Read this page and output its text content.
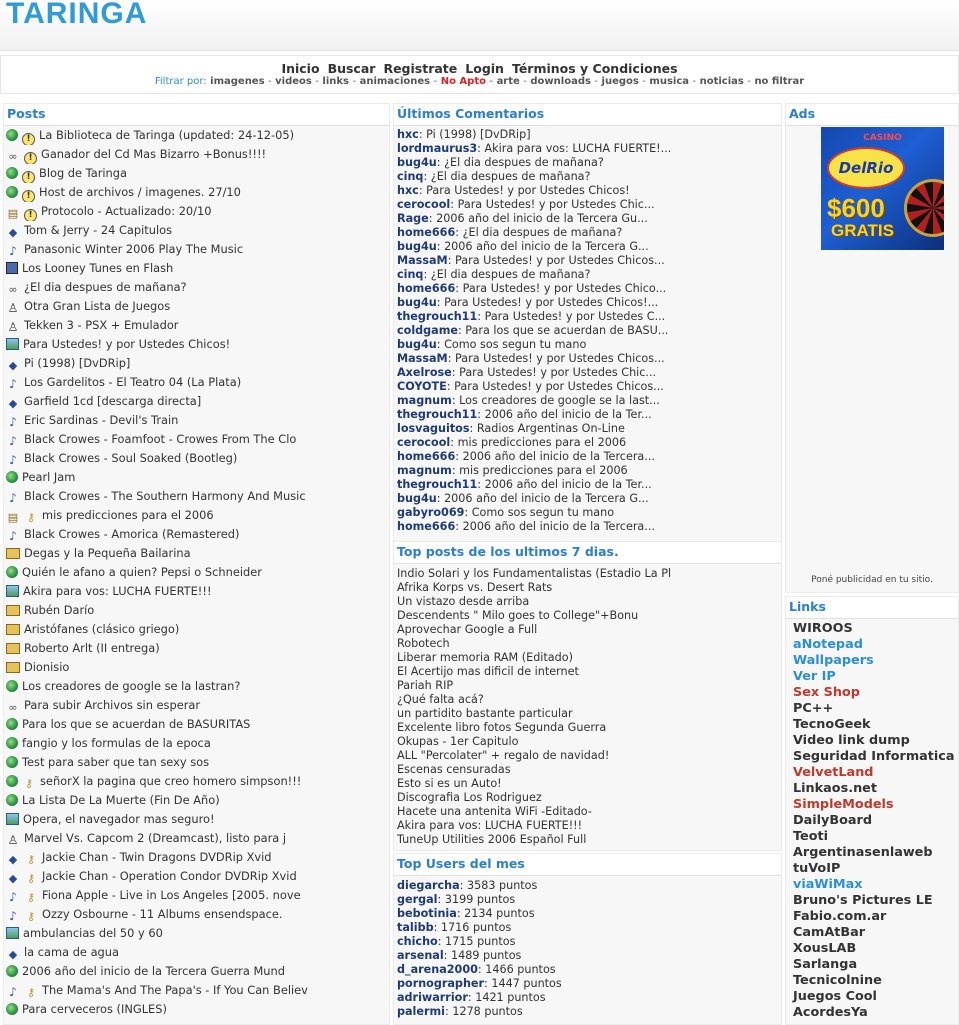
TARINGA
Inicio Buscar Registrate Login Términos y Condiciones
Filtrar por: imagenes - videos - links - animaciones - No Apto - arte - downloads - juegos - musica - noticias - no filtrar
Posts
! La Biblioteca de Taringa (updated: 24-12-05)
∞ ! Ganador del Cd Mas Bizarro +Bonus!!!!
! Blog de Taringa
! Host de archivos / imagenes. 27/10
▤ ! Protocolo - Actualizado: 20/10
◆ Tom & Jerry - 24 Capitulos
♪ Panasonic Winter 2006 Play The Music
Los Looney Tunes en Flash
∞ ¿El dia despues de mañana?
♙ Otra Gran Lista de Juegos
♙ Tekken 3 - PSX + Emulador
Para Ustedes! y por Ustedes Chicos!
◆ Pi (1998) [DvDRip]
♪ Los Gardelitos - El Teatro 04 (La Plata)
◆ Garfield 1cd [descarga directa]
♪ Eric Sardinas - Devil's Train
♪ Black Crowes - Foamfoot - Crowes From The Clo
♪ Black Crowes - Soul Soaked (Bootleg)
Pearl Jam
♪ Black Crowes - The Southern Harmony And Music
▤ ⚷ mis predicciones para el 2006
♪ Black Crowes - Amorica (Remastered)
Degas y la Pequeña Bailarina
Quién le afano a quien? Pepsi o Schneider
Akira para vos: LUCHA FUERTE!!!
Rubén Darío
Aristófanes (clásico griego)
Roberto Arlt (II entrega)
Dionisio
Los creadores de google se la lastran?
∞ Para subir Archivos sin esperar
Para los que se acuerdan de BASURITAS
fangio y los formulas de la epoca
Test para saber que tan sexy sos
⚷ señorX la pagina que creo homero simpson!!!
La Lista De La Muerte (Fin De Año)
Opera, el navegador mas seguro!
♙ Marvel Vs. Capcom 2 (Dreamcast), listo para j
◆ ⚷ Jackie Chan - Twin Dragons DVDRip Xvid
◆ ⚷ Jackie Chan - Operation Condor DVDRip Xvid
♪ ⚷ Fiona Apple - Live in Los Angeles [2005. nove
♪ ⚷ Ozzy Osbourne - 11 Albums ensendspace.
ambulancias del 50 y 60
◆ la cama de agua
2006 año del inicio de la Tercera Guerra Mund
♪ ⚷ The Mama's And The Papa's - If You Can Believ
Para cerveceros (INGLES)
Últimos Comentarios
hxc: Pi (1998) [DvDRip]
lordmaurus3: Akira para vos: LUCHA FUERTE!...
bug4u: ¿El dia despues de mañana?
cinq: ¿El dia despues de mañana?
hxc: Para Ustedes! y por Ustedes Chicos!
cerocool: Para Ustedes! y por Ustedes Chic...
Rage: 2006 año del inicio de la Tercera Gu...
home666: ¿El dia despues de mañana?
bug4u: 2006 año del inicio de la Tercera G...
MassaM: Para Ustedes! y por Ustedes Chicos...
cinq: ¿El dia despues de mañana?
home666: Para Ustedes! y por Ustedes Chico...
bug4u: Para Ustedes! y por Ustedes Chicos!...
thegrouch11: Para Ustedes! y por Ustedes C...
coldgame: Para los que se acuerdan de BASU...
bug4u: Como sos segun tu mano
MassaM: Para Ustedes! y por Ustedes Chicos...
Axelrose: Para Ustedes! y por Ustedes Chic...
COYOTE: Para Ustedes! y por Ustedes Chicos...
magnum: Los creadores de google se la last...
thegrouch11: 2006 año del inicio de la Ter...
losvaguitos: Radios Argentinas On-Line
cerocool: mis predicciones para el 2006
home666: 2006 año del inicio de la Tercera...
magnum: mis predicciones para el 2006
thegrouch11: 2006 año del inicio de la Ter...
bug4u: 2006 año del inicio de la Tercera G...
gabyro069: Como sos segun tu mano
home666: 2006 año del inicio de la Tercera...
Top posts de los ultimos 7 dias.
Indio Solari y los Fundamentalistas (Estadio La Pl
Afrika Korps vs. Desert Rats
Un vistazo desde arriba
Descendents " Milo goes to College"+Bonu
Aprovechar Google a Full
Robotech
Liberar memoria RAM (Editado)
El Acertijo mas dificil de internet
Pariah RIP
¿Qué falta acá?
un partidito bastante particular
Excelente libro fotos Segunda Guerra
Okupas - 1er Capitulo
ALL "Percolater" + regalo de navidad!
Escenas censuradas
Esto si es un Auto!
Discografia Los Rodriguez
Hacete una antenita WiFi -Editado-
Akira para vos: LUCHA FUERTE!!!
TuneUp Utilities 2006 Español Full
Top Users del mes
diegarcha: 3583 puntos
gergal: 3199 puntos
bebotinia: 2134 puntos
talibb: 1716 puntos
chicho: 1715 puntos
arsenal: 1489 puntos
d_arena2000: 1466 puntos
pornographer: 1447 puntos
adriwarrior: 1421 puntos
palermi: 1278 puntos
Ads
CASINO
DelRio
$600
GRATIS
Poné publicidad en tu sitio.
Links
WIROOS
aNotepad
Wallpapers
Ver IP
Sex Shop
PC++
TecnoGeek
Video link dump
Seguridad Informatica
VelvetLand
Linkaos.net
SimpleModels
DailyBoard
Teoti
Argentinasenlaweb
tuVoIP
viaWiMax
Bruno's Pictures LE
Fabio.com.ar
CamAtBar
XousLAB
Sarlanga
Tecnicolnine
Juegos Cool
AcordesYa
